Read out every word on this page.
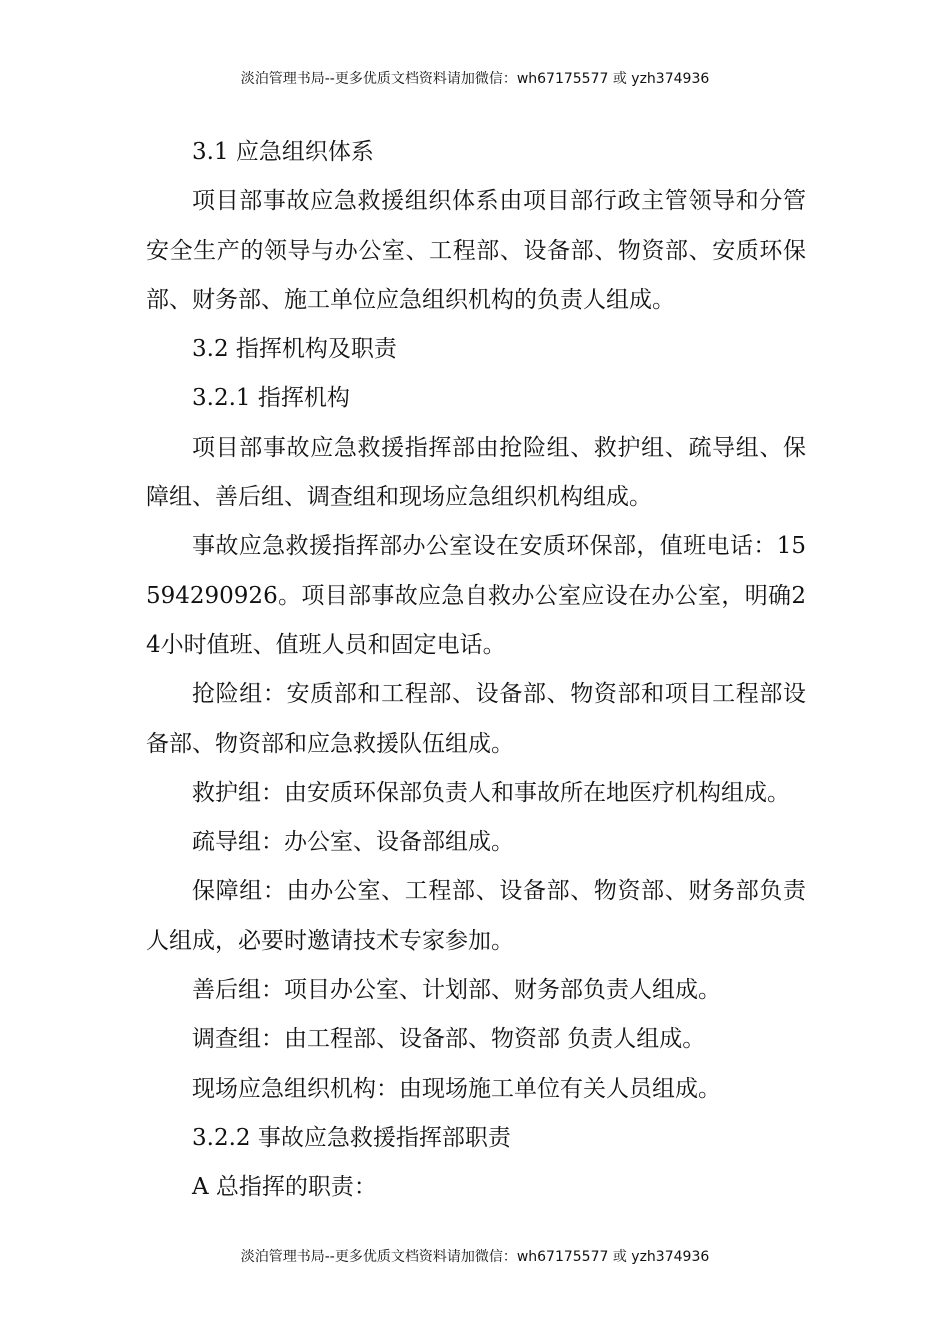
淡泊管理书局--更多优质文档资料请加微信：wh67175577 或 yzh374936

3.1 应急组织体系

项目部事故应急救援组织体系由项目部行政主管领导和分管安全生产的领导与办公室、工程部、设备部、物资部、安质环保部、财务部、施工单位应急组织机构的负责人组成。

3.2 指挥机构及职责

3.2.1 指挥机构

项目部事故应急救援指挥部由抢险组、救护组、疏导组、保障组、善后组、调查组和现场应急组织机构组成。

事故应急救援指挥部办公室设在安质环保部，值班电话：15594290926。项目部事故应急自救办公室应设在办公室，明确24小时值班、值班人员和固定电话。

抢险组：安质部和工程部、设备部、物资部和项目工程部设备部、物资部和应急救援队伍组成。

救护组：由安质环保部负责人和事故所在地医疗机构组成。

疏导组：办公室、设备部组成。

保障组：由办公室、工程部、设备部、物资部、财务部负责人组成，必要时邀请技术专家参加。

善后组：项目办公室、计划部、财务部负责人组成。

调查组：由工程部、设备部、物资部 负责人组成。

现场应急组织机构：由现场施工单位有关人员组成。

3.2.2 事故应急救援指挥部职责

A 总指挥的职责：

淡泊管理书局--更多优质文档资料请加微信：wh67175577 或 yzh374936
